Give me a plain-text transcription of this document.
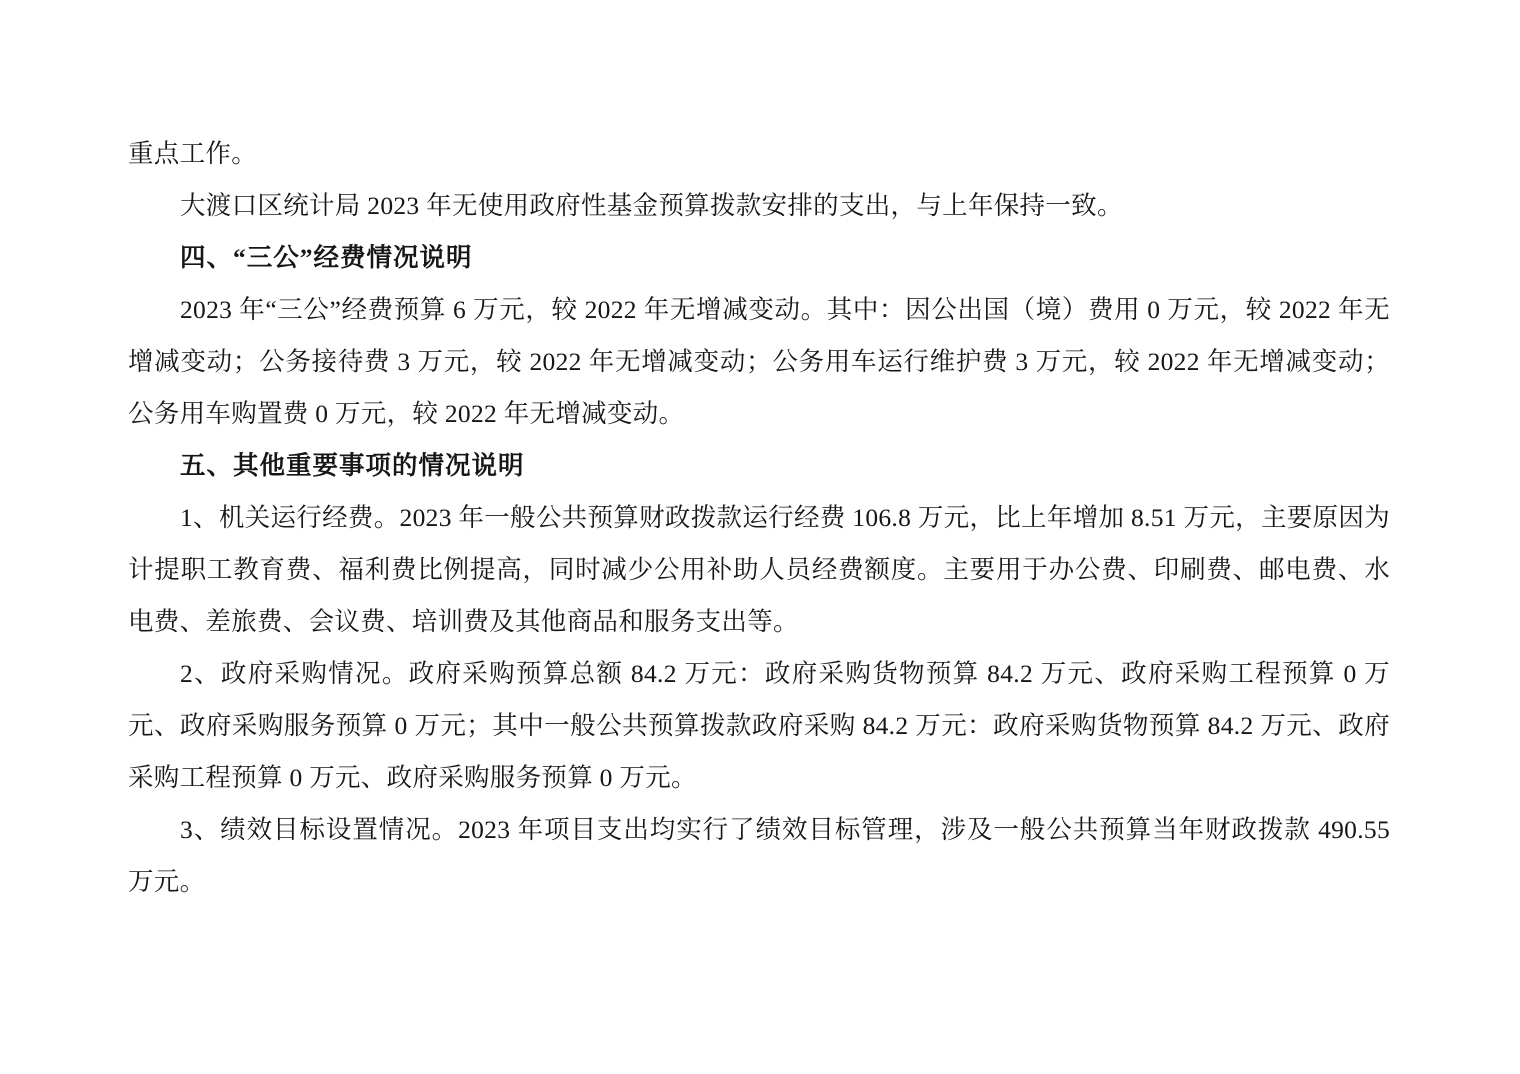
重点工作。

大渡口区统计局 2023 年无使用政府性基金预算拨款安排的支出，与上年保持一致。

四、“三公”经费情况说明

2023 年“三公”经费预算 6 万元，较 2022 年无增减变动。其中：因公出国（境）费用 0 万元，较 2022 年无增减变动；公务接待费 3 万元，较 2022 年无增减变动；公务用车运行维护费 3 万元，较 2022 年无增减变动；公务用车购置费 0 万元，较 2022 年无增减变动。

五、其他重要事项的情况说明

1、机关运行经费。2023 年一般公共预算财政拨款运行经费 106.8 万元，比上年增加 8.51 万元，主要原因为计提职工教育费、福利费比例提高，同时减少公用补助人员经费额度。主要用于办公费、印刷费、邮电费、水电费、差旅费、会议费、培训费及其他商品和服务支出等。

2、政府采购情况。政府采购预算总额 84.2 万元：政府采购货物预算 84.2 万元、政府采购工程预算 0 万元、政府采购服务预算 0 万元；其中一般公共预算拨款政府采购 84.2 万元：政府采购货物预算 84.2 万元、政府采购工程预算 0 万元、政府采购服务预算 0 万元。

3、绩效目标设置情况。2023 年项目支出均实行了绩效目标管理，涉及一般公共预算当年财政拨款 490.55 万元。
